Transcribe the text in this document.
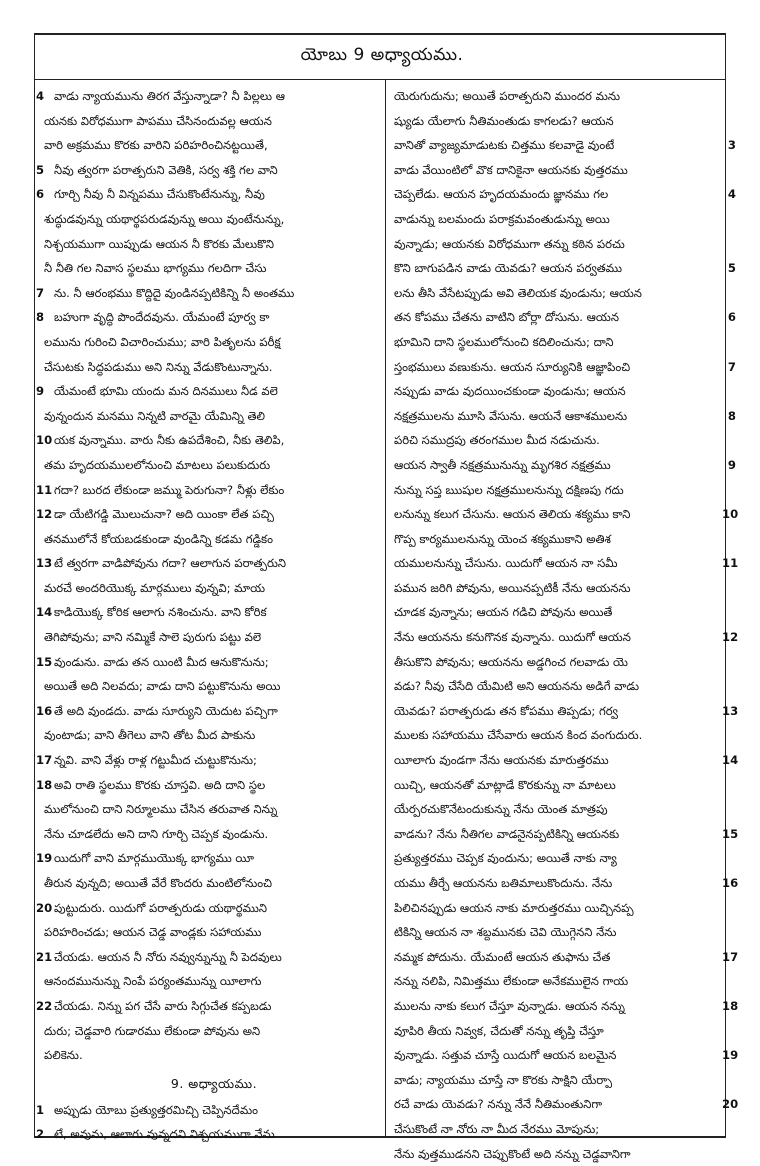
యోబు 9 అధ్యాయము.
4 వాడు న్యాయమును తిరగ వేస్తున్నాడా? నీ పిల్లలు ఆ
యనకు విరోధముగా పాపము చేసినందువల్ల ఆయన
వారి అక్రమము కొరకు వారిని పరిహరించినట్టయితే,
5 నీవు త్వరగా పరాత్పరుని వెతికి, సర్వ శక్తి గల వాని
6 గూర్చి నీవు నీ విన్నపము చేసుకొంటేనున్ను, నీవు
శుద్ధుడవున్ను యథార్థపరుడవున్ను అయి వుంటేనున్ను,
నిశ్చయముగా యిప్పుడు ఆయన నీ కొరకు మేలుకొని
నీ నీతి గల నివాస స్థలము భాగ్యము గలదిగా చేసు
7 ను. నీ ఆరంభము కొద్దిదై వుండినప్పటికిన్ని నీ అంతము
8 బహుగా వృద్ధి పొందేదవును. యేమంటే పూర్వ కా
లమును గురించి విచారించుము; వారి పితృలను పరీక్ష
చేసుటకు సిద్ధపడుము అని నిన్ను వేడుకొంటున్నాను.
9 యేమంటే భూమి యందు మన దినములు నీడ వలె
వున్నందున మనము నిన్నటి వారమై యేమిన్ని తెలి
10 యక వున్నాము. వారు నీకు ఉపదేశించి, నీకు తెలిపి,
తమ హృదయములలోనుంచి మాటలు పలుకుదురు
11 గదా? బురద లేకుండా జమ్ము పెరుగునా? నీళ్లు లేకుం
12 డా యేటిగడ్డి మొలుచునా? అది యింకా లేత పచ్చి
తనములోనే కోయబడకుండా వుండిన్ని కడమ గడ్డికం
13 టే త్వరగా వాడిపోవును గదా? ఆలాగున పరాత్పరుని
మరచే అందరియొక్క మార్గములు వున్నవి; మాయ
14 కాడియొక్క కోరిక ఆలాగు నశించును. వాని కోరిక
తెగిపోవును; వాని నమ్మికే సాలె పురుగు పట్టు వలె
15 వుండును. వాడు తన యింటి మీద ఆనుకొనును;
అయితే అది నిలవదు; వాడు దాని పట్టుకొనును అయి
16 తే అది వుండదు. వాడు సూర్యుని యెదుట పచ్చిగా
వుంటాడు; వాని తీగెలు వాని తోట మీద పాకును
17 న్నవి. వాని వేళ్లు రాళ్ల గట్టుమీద చుట్టుకొనును;
18 అవి రాతి స్థలము కొరకు చూస్తవి. అది దాని స్థల
ములోనుంచి దాని నిర్మూలము చేసిన తరువాత నిన్ను
నేను చూడలేదు అని దాని గూర్చి చెప్పక వుండును.
19 యిదుగో వాని మార్గముయొక్క భాగ్యము యీ
తీరున వున్నది; అయితే వేరే కొందరు మంటిలోనుంచి
20 పుట్టుదురు. యిదుగో పరాత్పరుడు యథార్థముని
పరిహరించడు; ఆయన చెడ్డ వాండ్లకు సహాయము
21 చేయడు. ఆయన నీ నోరు నవ్వున్నున్ను నీ పెదవులు
ఆనందమునున్ను నింపే పర్యంతమున్ను యీలాగు
22 చేయడు. నిన్ను పగ చేసే వారు సిగ్గుచేత కప్పబడు
దురు; చెడ్డవారి గుడారము లేకుండా పోవును అని
పలికెను.
9. అధ్యాయము.
1 అప్పుడు యోబు ప్రత్యుత్తరమిచ్చి చెప్పినదేమం
2 టే, అవును, ఆలాగు వున్నదని నిశ్చయముగా నేను
యెరుగుదును; అయితే పరాత్పరుని ముందర మను
ష్యుడు యేలాగు నీతిమంతుడు కాగలడు? ఆయన
3
వానితో వ్యాజ్యమాడుటకు చిత్తము కలవాడై వుంటే
వాడు వేయింటిలో వొక దానికైనా ఆయనకు వుత్తరము
4
చెప్పలేడు. ఆయన హృదయమందు జ్ఞానము గల
వాడున్ను బలమందు పరాక్రమవంతుడున్ను అయి
వున్నాడు; ఆయనకు విరోధముగా తన్ను కఠిన పరచు
5
కొని బాగుపడిన వాడు యెవడు? ఆయన పర్వతము
లను తీసి వేసేటప్పుడు అవి తెలియక వుండును; ఆయన
6
తన కోపము చేతను వాటిని బోర్లా దోసును. ఆయన
భూమిని దాని స్థలములోనుంచి కదిలించును; దాని
7
స్తంభములు వణుకును. ఆయన సూర్యునికి ఆజ్ఞాపించి
నప్పుడు వాడు వుదయించకుండా వుండును; ఆయన
8
నక్షత్రములను మూసి వేసును. ఆయనే ఆకాశములను
పరిచి సముద్రపు తరంగముల మీద నడుచును.
9
ఆయన స్వాతీ నక్షత్రమునున్ను మృగశిర నక్షత్రము
నున్ను సప్త ఋషుల నక్షత్రములనున్ను దక్షిణపు గదు
10
లనున్ను కలుగ చేసును. ఆయన తెలియ శక్యము కాని
గొప్ప కార్యములనున్ను యెంచ శక్యముకాని అతిశ
11
యములనున్ను చేసును. యిదుగో ఆయన నా సమీ
పమున జరిగి పోవును, అయినప్పటికీ నేను ఆయనను
చూడక వున్నాను; ఆయన గడిచి పోవును అయితే
12
నేను ఆయనను కనుగొనక వున్నాను. యిదుగో ఆయన
తీసుకొని పోవును; ఆయనను అడ్డగించ గలవాడు యె
వడు? నీవు చేసేది యేమిటి అని ఆయనను అడిగే వాడు
13
యెవడు? పరాత్పరుడు తన కోపము తిప్పడు; గర్వ
ములకు సహాయము చేసేవారు ఆయన కింద వంగుదురు.
14
యీలాగు వుండగా నేను ఆయనకు మారుత్తరము
యిచ్చి, ఆయనతో మాట్లాడే కొరకున్ను నా మాటలు
యేర్పరచుకొనేటందుకున్ను నేను యెంత మాత్రపు
15
వాడను? నేను నీతిగల వాడనైనప్పటికిన్ని ఆయనకు
ప్రత్యుత్తరము చెప్పక వుందును; అయితే నాకు న్యా
16
యము తీర్చే ఆయనను బతిమాలుకొందును. నేను
పిలిచినప్పుడు ఆయన నాకు మారుత్తరము యిచ్చినప్ప
టికిన్ని ఆయన నా శబ్దమునకు చెవి యొగ్గెనని నేను
17
నమ్మక పోదును. యేమంటే ఆయన తుఫాను చేత
నన్ను నలిపి, నిమిత్తము లేకుండా అనేకములైన గాయ
18
ములను నాకు కలుగ చేస్తూ వున్నాడు. ఆయన నన్ను
వూపిరి తీయ నివ్వక, చేదుతో నన్ను తృప్తి చేస్తూ
19
వున్నాడు. సత్తువ చూస్తే యిదుగో ఆయన బలమైన
వాడు; న్యాయము చూస్తే నా కొరకు సాక్షిని యేర్పా
20
రచే వాడు యెవడు? నన్ను నేనే నీతిమంతునిగా
చేసుకొంటే నా నోరు నా మీద నేరము మోపును;
నేను వుత్తముడనని చెప్పుకొంటే అది నన్ను చెడ్డవానిగా
